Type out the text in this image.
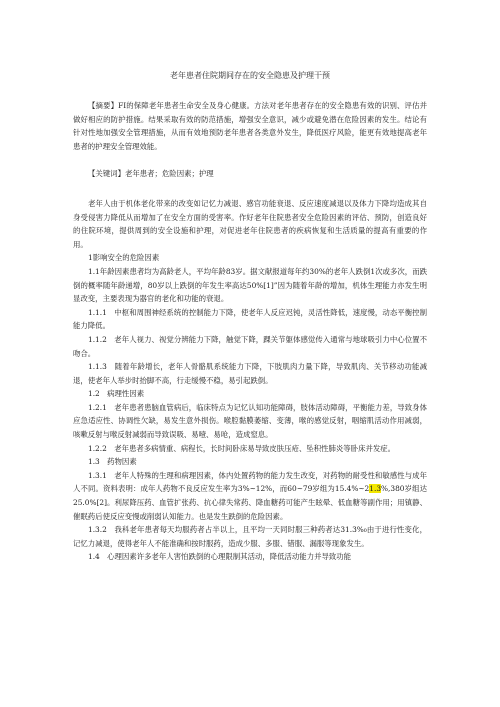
老年患者住院期间存在的安全隐患及护理干预

【摘要】FI的保障老年患者生命安全及身心健康。方法对老年患者存在的安全隐患有效的识别、评估并做好相应的防护措施。结果采取有效的防范措施，增强安全意识，减少或避免潜在危险因素的发生。结论有针对性地加强安全管理措施，从而有效地预防老年患者各类意外发生，降低医疗风险，能更有效地提高老年患者的护理安全管理效能。

【关键词】老年患者；危险因素；护理

老年人由于机体老化带来的改变如记忆力减退、感官功能衰退、反应速度减退以及体力下降均造成其自身受侵害力降低从而增加了在安全方面的受害率。作好老年住院患者安全危险因素的评估、预防，创造良好的住院环境，提供周到的安全设施和护理，对促进老年住院患者的疾病恢复和生活质量的提高有重要的作用。

1影响安全的危险因素

1.1年龄因素患者均为高龄老人，平均年龄83岁。据文献报道每年约30%的老年人跌倒1次或多次，而跌倒的概率随年龄递增，80岁以上跌倒的年发生率高达50%[1]”因为随着年龄的增加，机体生理能力亦发生明显改变，主要表现为器官的老化和功能的衰退。

1.1.1　中枢和周围神经系统的控制能力下降，使老年人反应迟钝，灵活性降低，速度慢，动态平衡控制能力降低。

1.1.2　老年人视力、视觉分辨能力下降，触觉下降，踝关节躯体感觉传入通常与地球吸引力中心位置不吻合。

1.1.3　随着年龄增长，老年人骨骼肌系统能力下降，下肢肌肉力量下降，导致肌肉、关节移动功能减退，使老年人举步时抬脚不高，行走缓慢不稳，易引起跌倒。

1.2　病理性因素

1.2.1　老年患者患脑血管病后，临床特点为记忆认知功能障碍，肢体活动障碍，平衡能力差，导致身体应急适应性、协调性欠缺，易发生意外损伤。喉腔黏膜萎缩、变薄，喉的感觉反射，咽缩肌活动作用减弱，咳嗽反射与喉反射减弱而导致误吸、易噎、易呛，造成窒息。

1.2.2　老年患者多病情重、病程长，长时间卧床易导致皮肤压疮、坠积性肺炎等卧床并发症。

1.3　药物因素

1.3.1　老年人特殊的生理和病理因素，体内处置药物的能力发生改变，对药物的耐受性和敏感性与成年人不同。资料表明：成年人药物不良反应发生率为3%~12%，而60~79岁组为15.4%~21.3%,380岁组达25.0%[2]。利尿降压药、血管扩张药、抗心律失常药、降血糖药可能产生眩晕、低血糖等副作用；用镇静、催眠药后使反应变慢或削弱认知能力。也是发生跌倒的危险因素。

1.3.2　我科老年患者每天均服药者占半以上，且平均一天同时服三种药者达31.3%₀由于进行性变化，记忆力减退，使得老年人不能准确和按时服药，造成少服、多服、错服、漏服等现象发生。

1.4　心理因素许多老年人害怕跌倒的心理限制其活动，降低活动能力并导致功能
